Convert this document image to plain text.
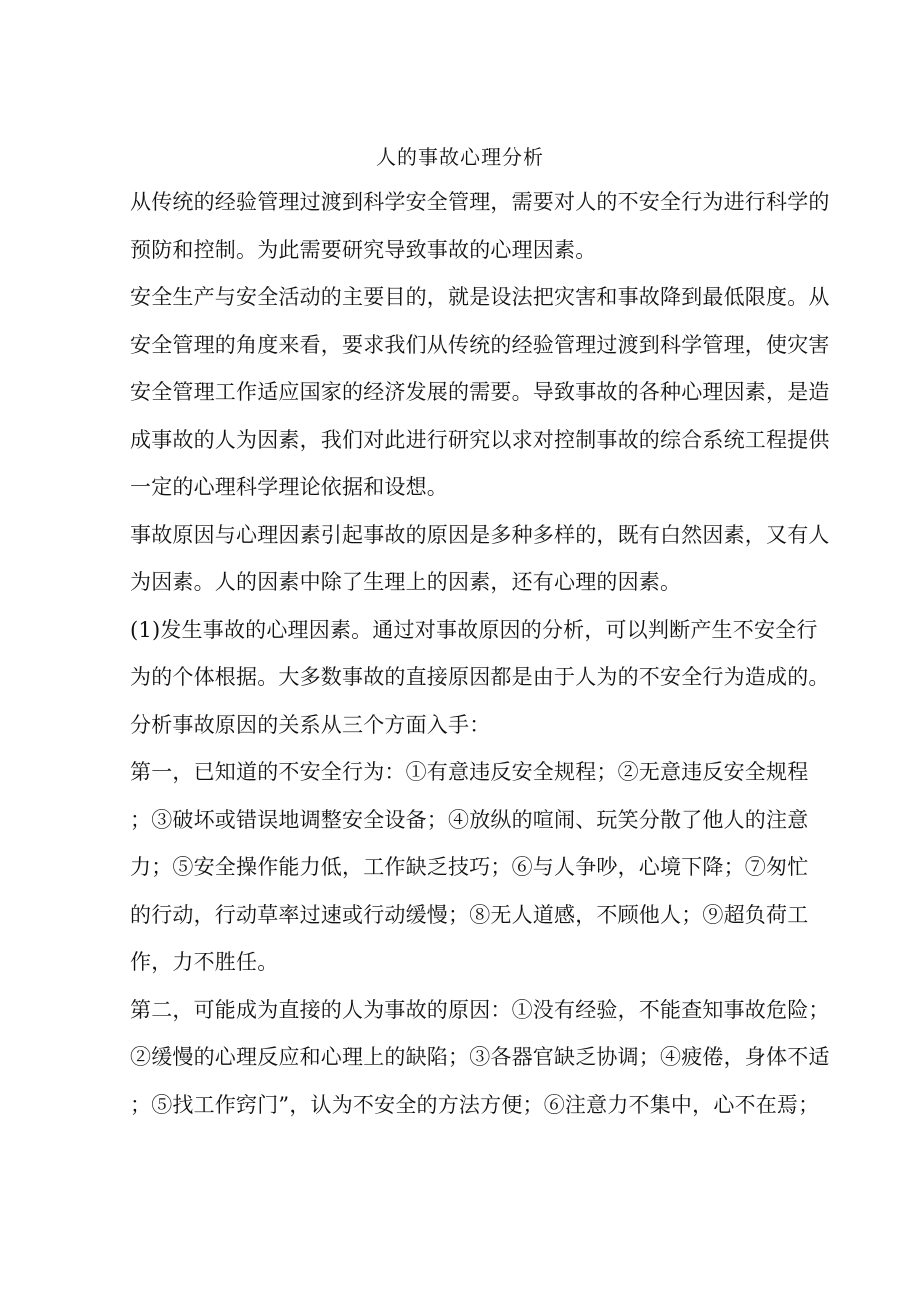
人的事故心理分析
从传统的经验管理过渡到科学安全管理，需要对人的不安全行为进行科学的
预防和控制。为此需要研究导致事故的心理因素。
安全生产与安全活动的主要目的，就是设法把灾害和事故降到最低限度。从
安全管理的角度来看，要求我们从传统的经验管理过渡到科学管理，使灾害
安全管理工作适应国家的经济发展的需要。导致事故的各种心理因素，是造
成事故的人为因素，我们对此进行研究以求对控制事故的综合系统工程提供
一定的心理科学理论依据和设想。
事故原因与心理因素引起事故的原因是多种多样的，既有白然因素，又有人
为因素。人的因素中除了生理上的因素，还有心理的因素。
(1)发生事故的心理因素。通过对事故原因的分析，可以判断产生不安全行
为的个体根据。大多数事故的直接原因都是由于人为的不安全行为造成的。
分析事故原因的关系从三个方面入手：
第一，已知道的不安全行为：①有意违反安全规程；②无意违反安全规程
；③破坏或错误地调整安全设备；④放纵的喧闹、玩笑分散了他人的注意
力；⑤安全操作能力低，工作缺乏技巧；⑥与人争吵，心境下降；⑦匆忙
的行动，行动草率过速或行动缓慢；⑧无人道感，不顾他人；⑨超负荷工
作，力不胜任。
第二，可能成为直接的人为事故的原因：①没有经验，不能查知事故危险；
②缓慢的心理反应和心理上的缺陷；③各器官缺乏协调；④疲倦，身体不适
；⑤找工作窍门”，认为不安全的方法方便；⑥注意力不集中，心不在焉；
